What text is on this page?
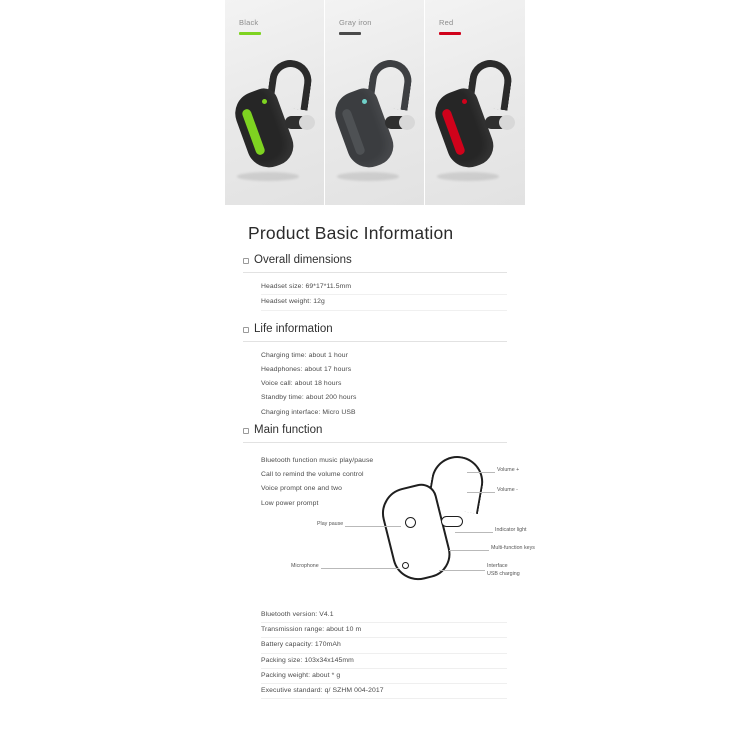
Black	Gray iron	Red
Product Basic Information
Overall dimensions
Headset size: 69*17*11.5mm
Headset weight: 12g
Life information
Charging time: about 1 hour
Headphones: about 17 hours
Voice call: about 18 hours
Standby time: about 200 hours
Charging interface: Micro USB
Main function
Bluetooth function music play/pause
Call to remind the volume control
Voice prompt one and two
Low power prompt
Volume +
Volume -
Indicator light
Multi-function keys
Interface
USB charging
Play pause
Microphone
Bluetooth version: V4.1
Transmission range: about 10 m
Battery capacity: 170mAh
Packing size: 103x34x145mm
Packing weight: about * g
Executive standard: q/ SZHM 004-2017
